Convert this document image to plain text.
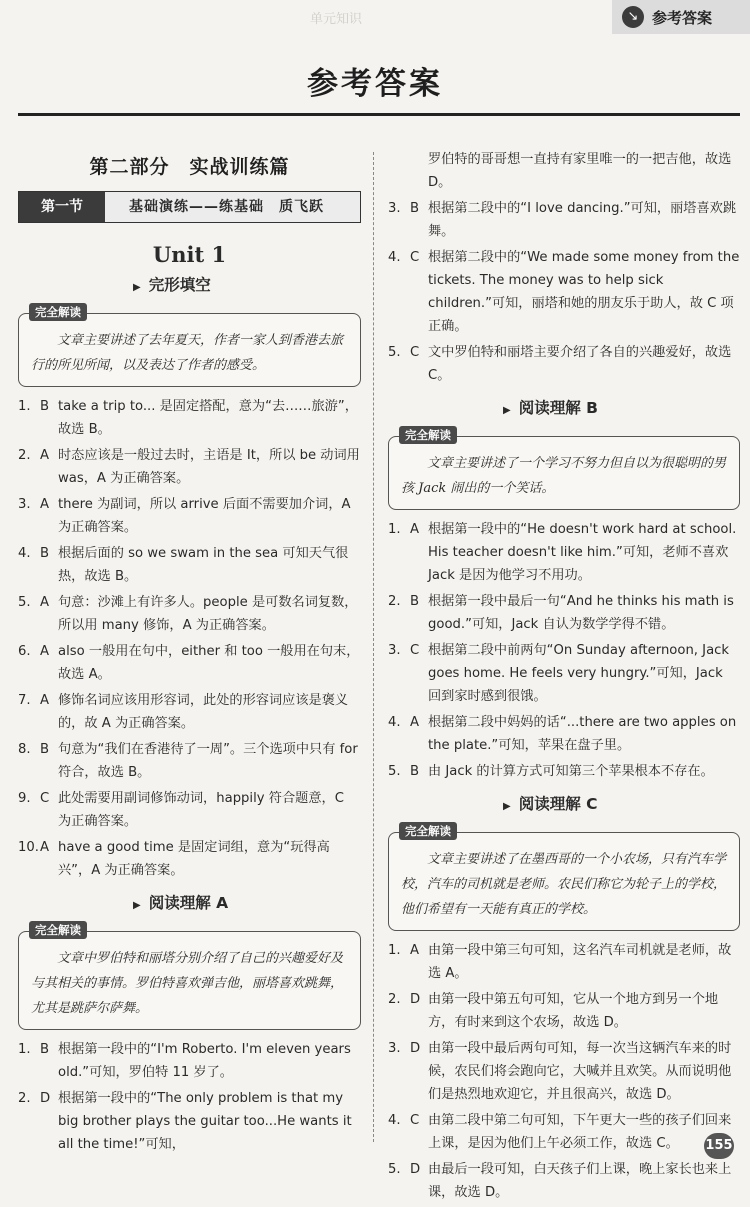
↘ 参考答案
单元知识
参考答案
第二部分　实战训练篇
第一节	基础演练——练基础　质飞跃
Unit 1
▶ 完形填空
完全解读
文章主要讲述了去年夏天，作者一家人到香港去旅行的所见所闻，以及表达了作者的感受。
1. B take a trip to... 是固定搭配，意为“去……旅游”，故选 B。
2. A 时态应该是一般过去时，主语是 It，所以 be 动词用 was，A 为正确答案。
3. A there 为副词，所以 arrive 后面不需要加介词，A 为正确答案。
4. B 根据后面的 so we swam in the sea 可知天气很热，故选 B。
5. A 句意：沙滩上有许多人。people 是可数名词复数，所以用 many 修饰，A 为正确答案。
6. A also 一般用在句中，either 和 too 一般用在句末，故选 A。
7. A 修饰名词应该用形容词，此处的形容词应该是褒义的，故 A 为正确答案。
8. B 句意为“我们在香港待了一周”。三个选项中只有 for 符合，故选 B。
9. C 此处需要用副词修饰动词，happily 符合题意，C 为正确答案。
10. A have a good time 是固定词组，意为“玩得高兴”，A 为正确答案。
▶ 阅读理解 A
完全解读
文章中罗伯特和丽塔分别介绍了自己的兴趣爱好及与其相关的事情。罗伯特喜欢弹吉他，丽塔喜欢跳舞，尤其是跳萨尔萨舞。
1. B 根据第一段中的“I'm Roberto. I'm eleven years old.”可知，罗伯特 11 岁了。
2. D 根据第一段中的“The only problem is that my big brother plays the guitar too...He wants it all the time!”可知，
罗伯特的哥哥想一直持有家里唯一的一把吉他，故选 D。
3. B 根据第二段中的“I love dancing.”可知，丽塔喜欢跳舞。
4. C 根据第二段中的“We made some money from the tickets. The money was to help sick children.”可知，丽塔和她的朋友乐于助人，故 C 项正确。
5. C 文中罗伯特和丽塔主要介绍了各自的兴趣爱好，故选 C。
▶ 阅读理解 B
完全解读
文章主要讲述了一个学习不努力但自以为很聪明的男孩 Jack 闹出的一个笑话。
1. A 根据第一段中的“He doesn't work hard at school. His teacher doesn't like him.”可知，老师不喜欢 Jack 是因为他学习不用功。
2. B 根据第一段中最后一句“And he thinks his math is good.”可知，Jack 自认为数学学得不错。
3. C 根据第二段中前两句“On Sunday afternoon, Jack goes home. He feels very hungry.”可知，Jack 回到家时感到很饿。
4. A 根据第二段中妈妈的话“...there are two apples on the plate.”可知，苹果在盘子里。
5. B 由 Jack 的计算方式可知第三个苹果根本不存在。
▶ 阅读理解 C
完全解读
文章主要讲述了在墨西哥的一个小农场，只有汽车学校，汽车的司机就是老师。农民们称它为轮子上的学校，他们希望有一天能有真正的学校。
1. A 由第一段中第三句可知，这名汽车司机就是老师，故选 A。
2. D 由第一段中第五句可知，它从一个地方到另一个地方，有时来到这个农场，故选 D。
3. D 由第一段中最后两句可知，每一次当这辆汽车来的时候，农民们将会跑向它，大喊并且欢笑。从而说明他们是热烈地欢迎它，并且很高兴，故选 D。
4. C 由第二段中第二句可知，下午更大一些的孩子们回来上课，是因为他们上午必须工作，故选 C。
5. D 由最后一段可知，白天孩子们上课，晚上家长也来上课，故选 D。
155
